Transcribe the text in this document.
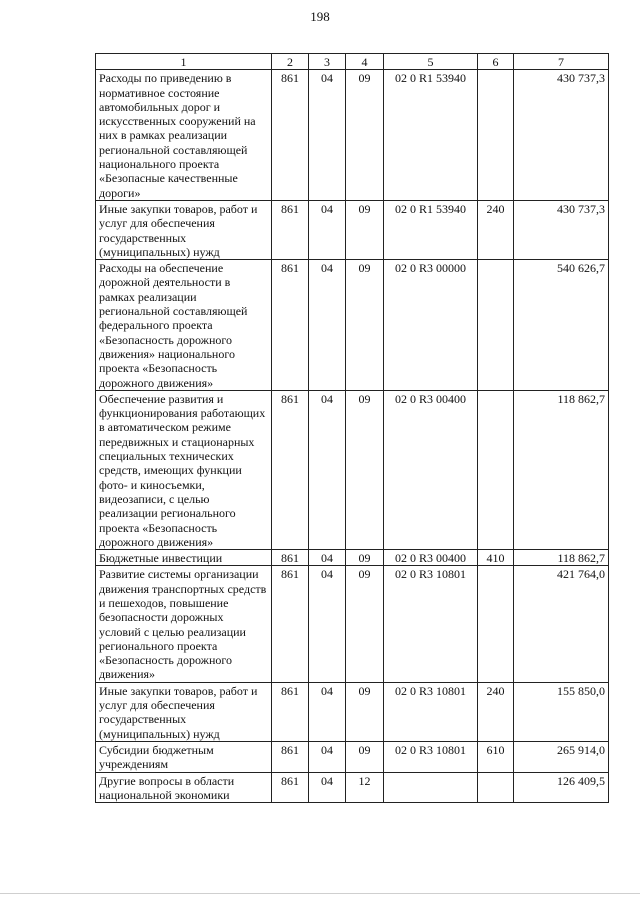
198
1	2	3	4	5	6	7
Расходы по приведению в нормативное состояние автомобильных дорог и искусственных сооружений на них в рамках реализации региональной составляющей национального проекта «Безопасные качественные дороги»	861	04	09	02 0 R1 53940		430 737,3
Иные закупки товаров, работ и услуг для обеспечения государственных (муниципальных) нужд	861	04	09	02 0 R1 53940	240	430 737,3
Расходы на обеспечение дорожной деятельности в рамках реализации региональной составляющей федерального проекта «Безопасность дорожного движения» национального проекта «Безопасность дорожного движения»	861	04	09	02 0 R3 00000		540 626,7
Обеспечение развития и функционирования работающих в автоматическом режиме передвижных и стационарных специальных технических средств, имеющих функции фото- и киносъемки, видеозаписи, с целью реализации регионального проекта «Безопасность дорожного движения»	861	04	09	02 0 R3 00400		118 862,7
Бюджетные инвестиции	861	04	09	02 0 R3 00400	410	118 862,7
Развитие системы организации движения транспортных средств и пешеходов, повышение безопасности дорожных условий с целью реализации регионального проекта «Безопасность дорожного движения»	861	04	09	02 0 R3 10801		421 764,0
Иные закупки товаров, работ и услуг для обеспечения государственных (муниципальных) нужд	861	04	09	02 0 R3 10801	240	155 850,0
Субсидии бюджетным учреждениям	861	04	09	02 0 R3 10801	610	265 914,0
Другие вопросы в области национальной экономики	861	04	12			126 409,5
